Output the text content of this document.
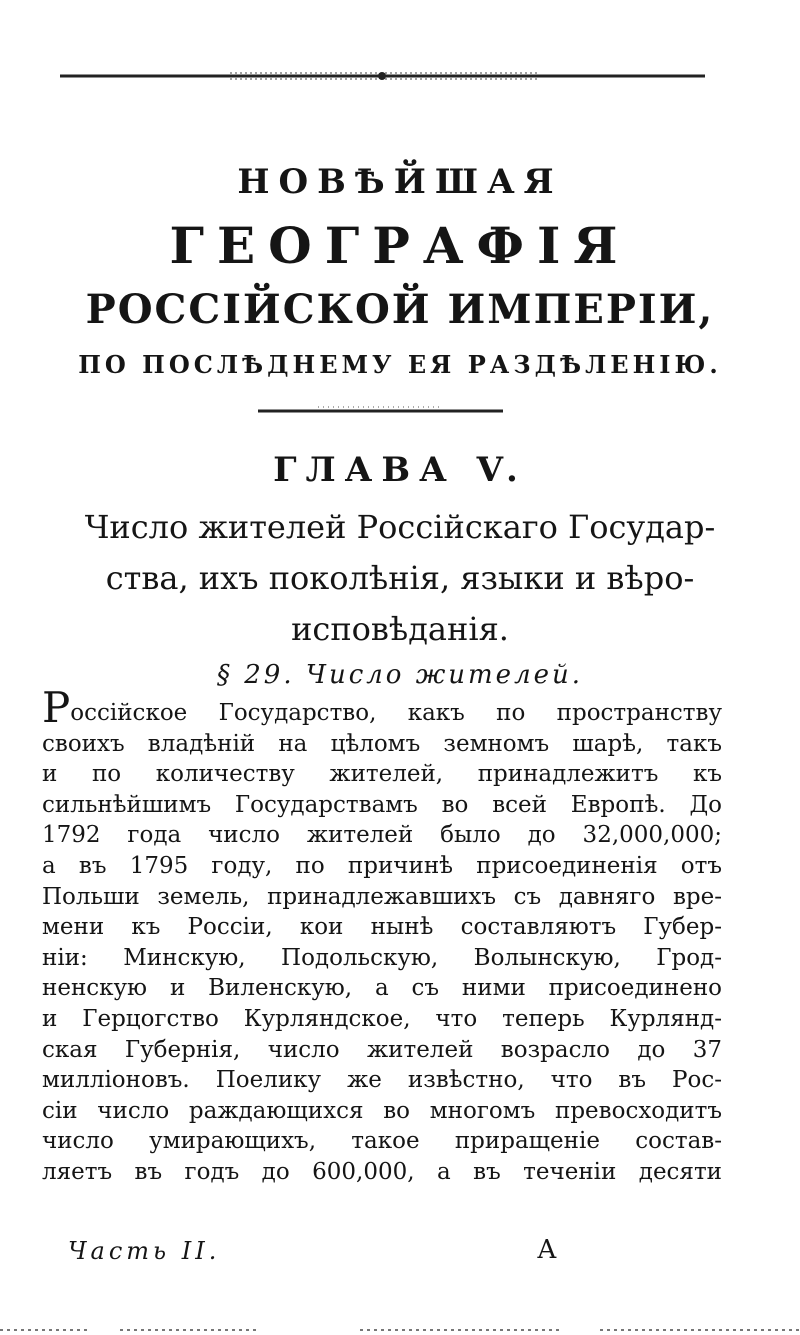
НОВѢЙШАЯ
ГЕОГРАФІЯ
РОССІЙСКОЙ ИМПЕРІИ,
ПО ПОСЛѢДНЕМУ ЕЯ РАЗДѢЛЕНІЮ.
ГЛАВА V.
Число жителей Россійскаго Государ-
ства, ихъ поколѣнія, языки и вѣро-
исповѣданія.
§ 29. Число жителей.
Россійское Государство, какъ по пространству
своихъ владѣній на цѣломъ земномъ шарѣ, такъ
и по количеству жителей, принадлежитъ къ
сильнѣйшимъ Государствамъ во всей Европѣ. До
1792 года число жителей было до 32,000,000;
а въ 1795 году, по причинѣ присоединенія отъ
Польши земель, принадлежавшихъ съ давняго вре-
мени къ Россіи, кои нынѣ составляютъ Губер-
ніи: Минскую, Подольскую, Волынскую, Грод-
ненскую и Виленскую, а съ ними присоединено
и Герцогство Курляндское, что теперь Курлянд-
ская Губернія, число жителей возрасло до 37
милліоновъ. Поелику же извѣстно, что въ Рос-
сіи число раждающихся во многомъ превосходитъ
число умирающихъ, такое приращеніе состав-
ляетъ въ годъ до 600,000, а въ теченіи десяти
Часть II.	А
